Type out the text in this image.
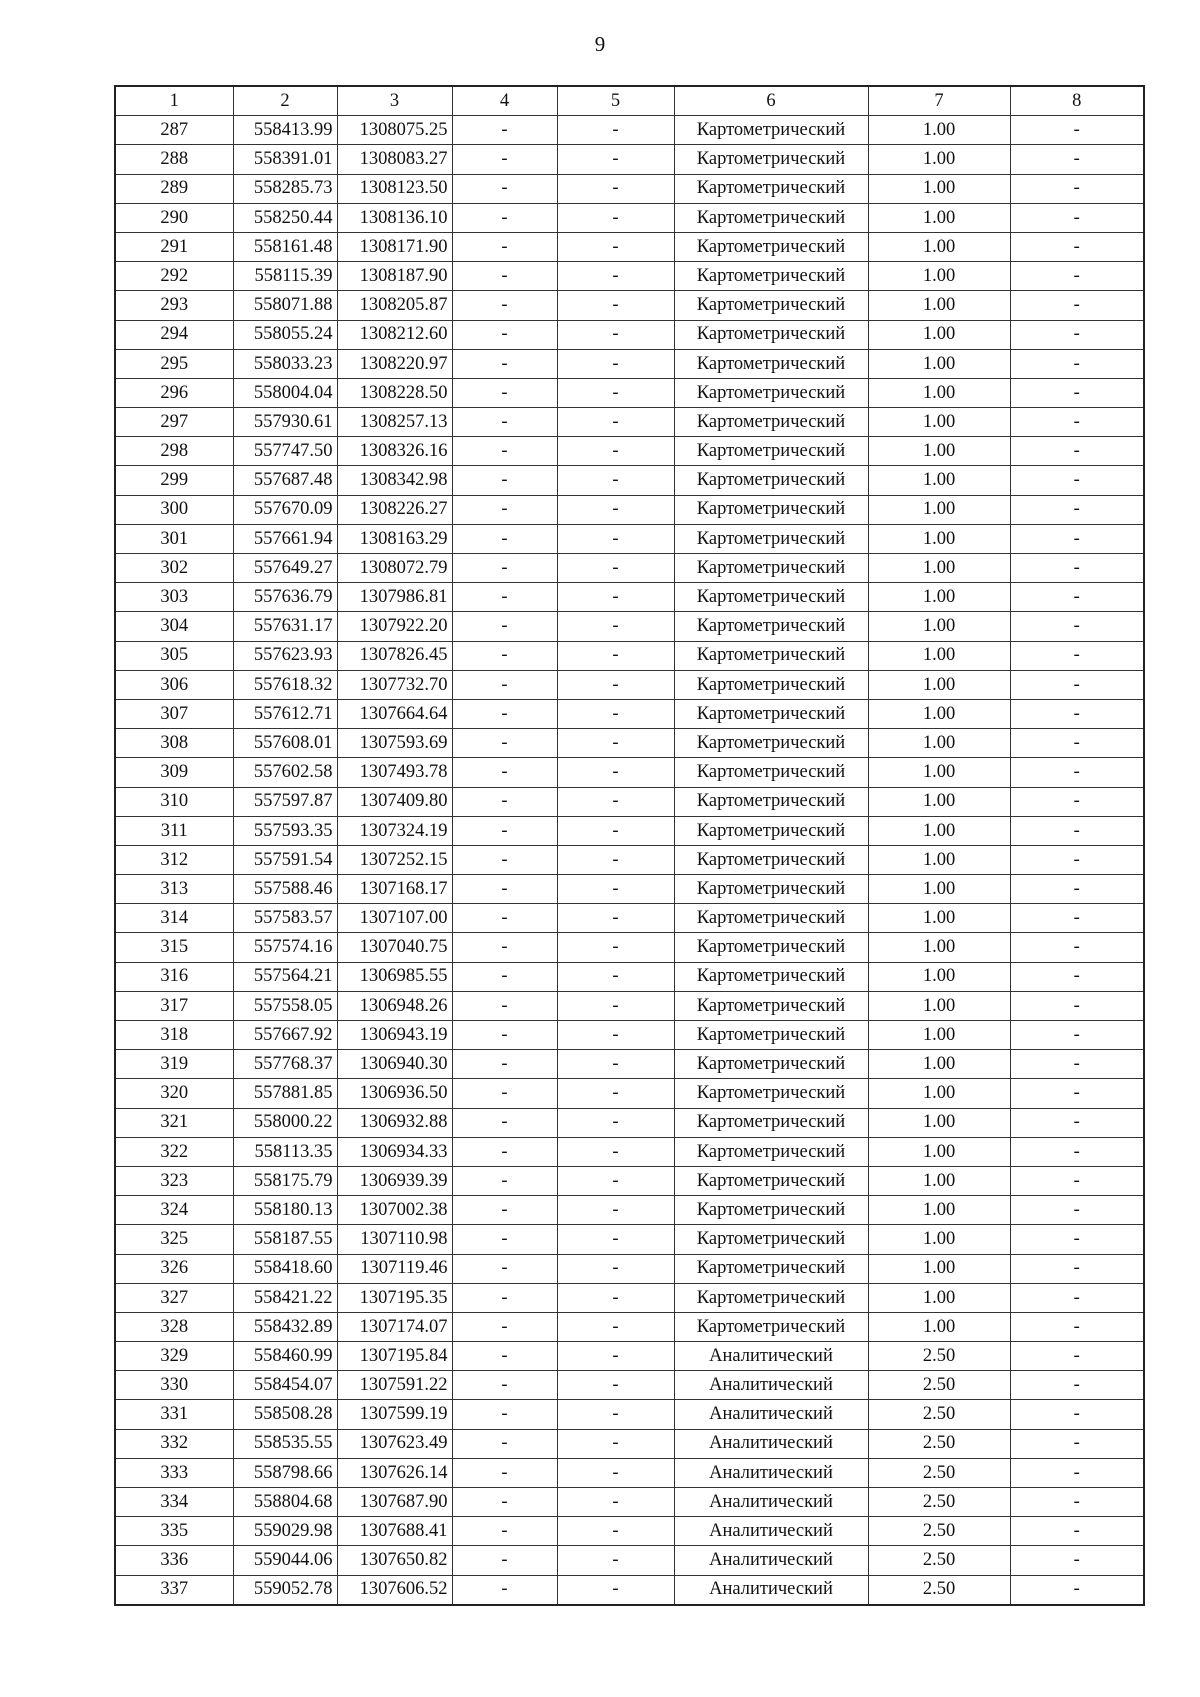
9
1	2	3	4	5	6	7	8
287	558413.99	1308075.25	-	-	Картометрический	1.00	-
288	558391.01	1308083.27	-	-	Картометрический	1.00	-
289	558285.73	1308123.50	-	-	Картометрический	1.00	-
290	558250.44	1308136.10	-	-	Картометрический	1.00	-
291	558161.48	1308171.90	-	-	Картометрический	1.00	-
292	558115.39	1308187.90	-	-	Картометрический	1.00	-
293	558071.88	1308205.87	-	-	Картометрический	1.00	-
294	558055.24	1308212.60	-	-	Картометрический	1.00	-
295	558033.23	1308220.97	-	-	Картометрический	1.00	-
296	558004.04	1308228.50	-	-	Картометрический	1.00	-
297	557930.61	1308257.13	-	-	Картометрический	1.00	-
298	557747.50	1308326.16	-	-	Картометрический	1.00	-
299	557687.48	1308342.98	-	-	Картометрический	1.00	-
300	557670.09	1308226.27	-	-	Картометрический	1.00	-
301	557661.94	1308163.29	-	-	Картометрический	1.00	-
302	557649.27	1308072.79	-	-	Картометрический	1.00	-
303	557636.79	1307986.81	-	-	Картометрический	1.00	-
304	557631.17	1307922.20	-	-	Картометрический	1.00	-
305	557623.93	1307826.45	-	-	Картометрический	1.00	-
306	557618.32	1307732.70	-	-	Картометрический	1.00	-
307	557612.71	1307664.64	-	-	Картометрический	1.00	-
308	557608.01	1307593.69	-	-	Картометрический	1.00	-
309	557602.58	1307493.78	-	-	Картометрический	1.00	-
310	557597.87	1307409.80	-	-	Картометрический	1.00	-
311	557593.35	1307324.19	-	-	Картометрический	1.00	-
312	557591.54	1307252.15	-	-	Картометрический	1.00	-
313	557588.46	1307168.17	-	-	Картометрический	1.00	-
314	557583.57	1307107.00	-	-	Картометрический	1.00	-
315	557574.16	1307040.75	-	-	Картометрический	1.00	-
316	557564.21	1306985.55	-	-	Картометрический	1.00	-
317	557558.05	1306948.26	-	-	Картометрический	1.00	-
318	557667.92	1306943.19	-	-	Картометрический	1.00	-
319	557768.37	1306940.30	-	-	Картометрический	1.00	-
320	557881.85	1306936.50	-	-	Картометрический	1.00	-
321	558000.22	1306932.88	-	-	Картометрический	1.00	-
322	558113.35	1306934.33	-	-	Картометрический	1.00	-
323	558175.79	1306939.39	-	-	Картометрический	1.00	-
324	558180.13	1307002.38	-	-	Картометрический	1.00	-
325	558187.55	1307110.98	-	-	Картометрический	1.00	-
326	558418.60	1307119.46	-	-	Картометрический	1.00	-
327	558421.22	1307195.35	-	-	Картометрический	1.00	-
328	558432.89	1307174.07	-	-	Картометрический	1.00	-
329	558460.99	1307195.84	-	-	Аналитический	2.50	-
330	558454.07	1307591.22	-	-	Аналитический	2.50	-
331	558508.28	1307599.19	-	-	Аналитический	2.50	-
332	558535.55	1307623.49	-	-	Аналитический	2.50	-
333	558798.66	1307626.14	-	-	Аналитический	2.50	-
334	558804.68	1307687.90	-	-	Аналитический	2.50	-
335	559029.98	1307688.41	-	-	Аналитический	2.50	-
336	559044.06	1307650.82	-	-	Аналитический	2.50	-
337	559052.78	1307606.52	-	-	Аналитический	2.50	-
